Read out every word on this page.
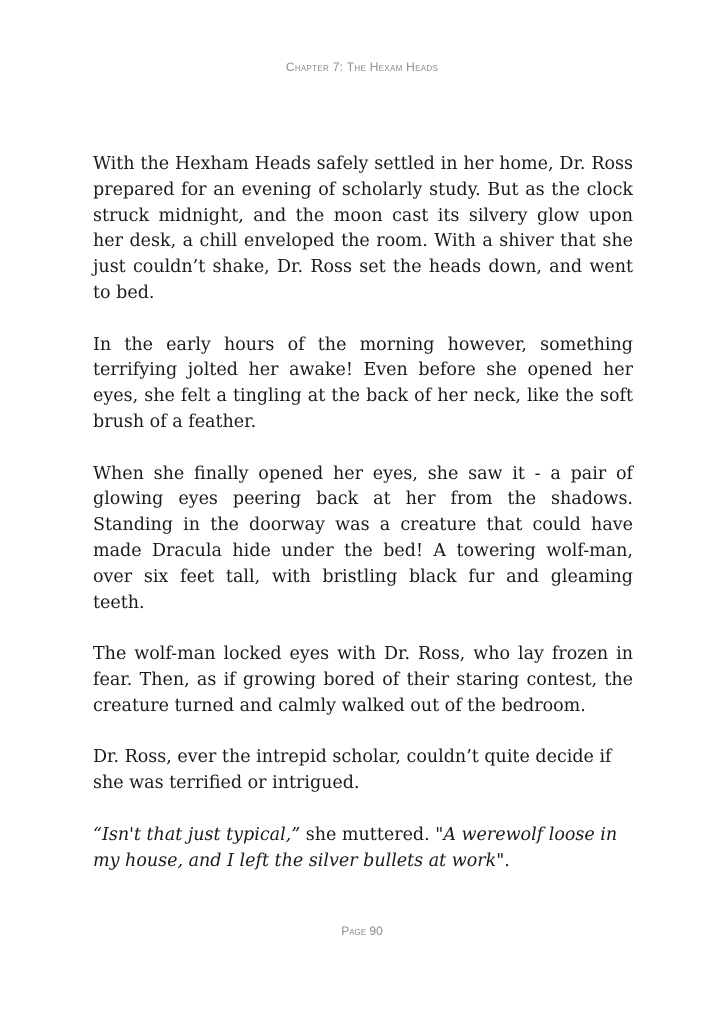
Chapter 7: The Hexam Heads

With the Hexham Heads safely settled in her home, Dr. Ross prepared for an evening of scholarly study. But as the clock struck midnight, and the moon cast its silvery glow upon her desk, a chill enveloped the room. With a shiver that she just couldn’t shake, Dr. Ross set the heads down, and went to bed.

In the early hours of the morning however, something terrifying jolted her awake! Even before she opened her eyes, she felt a tingling at the back of her neck, like the soft brush of a feather.

When she finally opened her eyes, she saw it - a pair of glowing eyes peering back at her from the shadows. Standing in the doorway was a creature that could have made Dracula hide under the bed! A towering wolf-man, over six feet tall, with bristling black fur and gleaming teeth.

The wolf-man locked eyes with Dr. Ross, who lay frozen in fear. Then, as if growing bored of their staring contest, the creature turned and calmly walked out of the bedroom.

Dr. Ross, ever the intrepid scholar, couldn’t quite decide if she was terrified or intrigued.

“Isn't that just typical,” she muttered. "A werewolf loose in my house, and I left the silver bullets at work".

Page 90
